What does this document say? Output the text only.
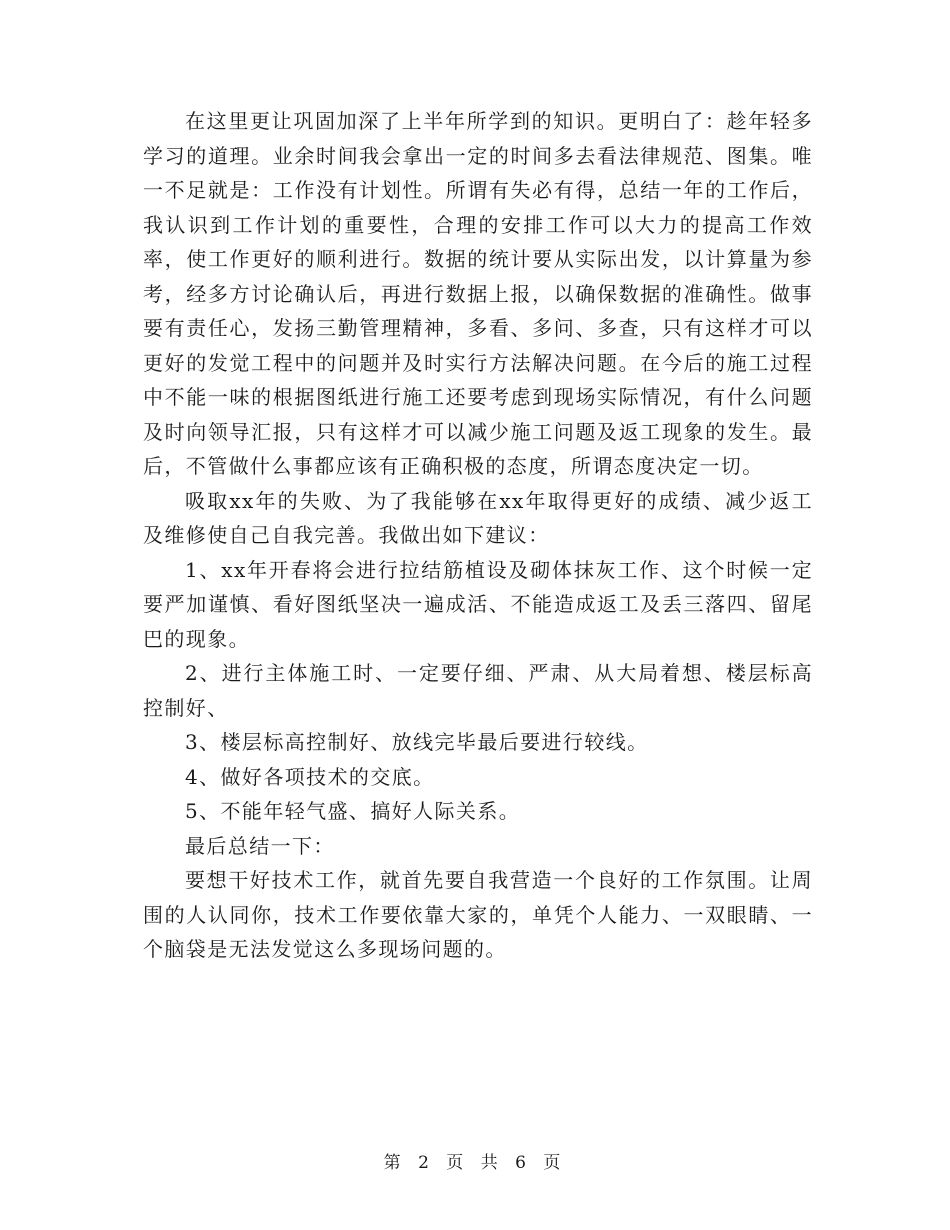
在这里更让巩固加深了上半年所学到的知识。更明白了：趁年轻多学习的道理。业余时间我会拿出一定的时间多去看法律规范、图集。唯一不足就是：工作没有计划性。所谓有失必有得，总结一年的工作后，我认识到工作计划的重要性，合理的安排工作可以大力的提高工作效率，使工作更好的顺利进行。数据的统计要从实际出发，以计算量为参考，经多方讨论确认后，再进行数据上报，以确保数据的准确性。做事要有责任心，发扬三勤管理精神，多看、多问、多查，只有这样才可以更好的发觉工程中的问题并及时实行方法解决问题。在今后的施工过程中不能一味的根据图纸进行施工还要考虑到现场实际情况，有什么问题及时向领导汇报，只有这样才可以减少施工问题及返工现象的发生。最后，不管做什么事都应该有正确积极的态度，所谓态度决定一切。

吸取xx年的失败、为了我能够在xx年取得更好的成绩、减少返工及维修使自己自我完善。我做出如下建议：

1、xx年开春将会进行拉结筋植设及砌体抹灰工作、这个时候一定要严加谨慎、看好图纸坚决一遍成活、不能造成返工及丢三落四、留尾巴的现象。

2、进行主体施工时、一定要仔细、严肃、从大局着想、楼层标高控制好、

3、楼层标高控制好、放线完毕最后要进行较线。

4、做好各项技术的交底。

5、不能年轻气盛、搞好人际关系。

最后总结一下：

要想干好技术工作，就首先要自我营造一个良好的工作氛围。让周围的人认同你，技术工作要依靠大家的，单凭个人能力、一双眼睛、一个脑袋是无法发觉这么多现场问题的。

第 2 页 共 6 页
